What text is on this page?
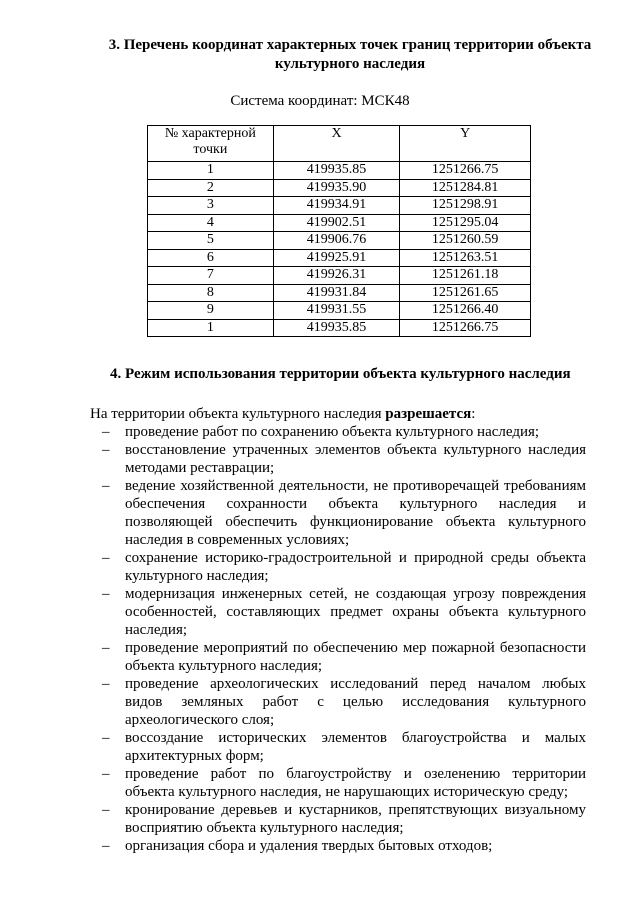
3. Перечень координат характерных точек границ территории объекта культурного наследия
Система координат: МСК48
№ характерной точки	X	Y
1	419935.85	1251266.75
2	419935.90	1251284.81
3	419934.91	1251298.91
4	419902.51	1251295.04
5	419906.76	1251260.59
6	419925.91	1251263.51
7	419926.31	1251261.18
8	419931.84	1251261.65
9	419931.55	1251266.40
1	419935.85	1251266.75
4. Режим использования территории объекта культурного наследия
На территории объекта культурного наследия разрешается:
– проведение работ по сохранению объекта культурного наследия;
– восстановление утраченных элементов объекта культурного наследия методами реставрации;
– ведение хозяйственной деятельности, не противоречащей требованиям обеспечения сохранности объекта культурного наследия и позволяющей обеспечить функционирование объекта культурного наследия в современных условиях;
– сохранение историко-градостроительной и природной среды объекта культурного наследия;
– модернизация инженерных сетей, не создающая угрозу повреждения особенностей, составляющих предмет охраны объекта культурного наследия;
– проведение мероприятий по обеспечению мер пожарной безопасности объекта культурного наследия;
– проведение археологических исследований перед началом любых видов земляных работ с целью исследования культурного археологического слоя;
– воссоздание исторических элементов благоустройства и малых архитектурных форм;
– проведение работ по благоустройству и озеленению территории объекта культурного наследия, не нарушающих историческую среду;
– кронирование деревьев и кустарников, препятствующих визуальному восприятию объекта культурного наследия;
– организация сбора и удаления твердых бытовых отходов;
